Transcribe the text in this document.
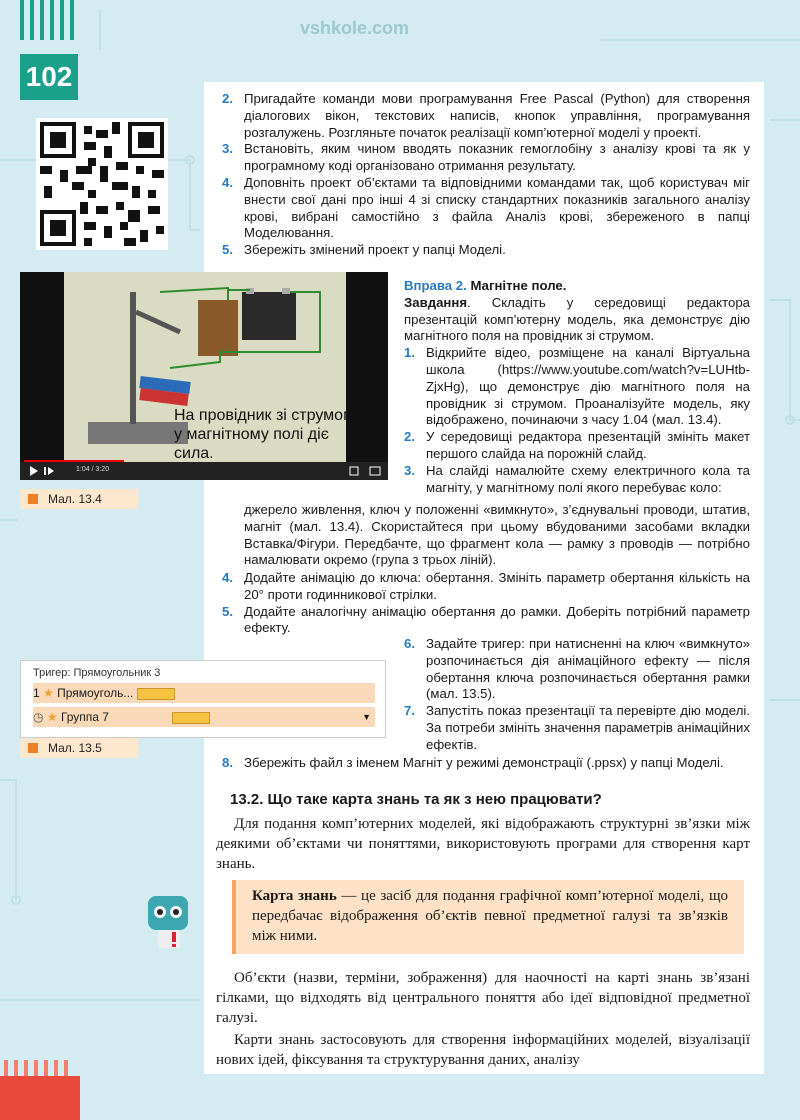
vshkole.com
102
2. Пригадайте команди мови програмування Free Pascal (Python) для створення діалогових вікон, текстових написів, кнопок управління, програмування розгалужень. Розгляньте початок реалізації комп’ютерної моделі у проекті.
3. Встановіть, яким чином вводять показник гемоглобіну з аналізу крові та як у програмному коді організовано отримання результату.
4. Доповніть проект об’єктами та відповідними командами так, щоб користувач міг внести свої дані про інші 4 зі списку стандартних показників загального аналізу крові, вибрані самостійно з файла Аналіз крові, збереженого в папці Моделювання.
5. Збережіть змінений проект у папці Моделі.
На провідник зі струмом
у магнітному полі діє
сила.
1:04 / 3:20
Мал. 13.4
Вправа 2. Магнітне поле.
Завдання. Складіть у середовищі редактора презентацій комп’ютерну модель, яка демонструє дію магнітного поля на провідник зі струмом.
1. Відкрийте відео, розміщене на каналі Віртуальна школа (https://www.youtube.com/watch?v=LUHtb-ZjxHg), що демонструє дію магнітного поля на провідник зі струмом. Проаналізуйте модель, яку відображено, починаючи з часу 1.04 (мал. 13.4).
2. У середовищі редактора презентацій змініть макет першого слайда на порожній слайд.
3. На слайді намалюйте схему електричного кола та магніту, у магнітному полі якого перебуває коло:
джерело живлення, ключ у положенні «вимкнуто», з’єднувальні проводи, штатив, магніт (мал. 13.4). Скористайтеся при цьому вбудованими засобами вкладки Вставка/Фігури. Передбачте, що фрагмент кола — рамку з проводів — потрібно намалювати окремо (група з трьох ліній).
4. Додайте анімацію до ключа: обертання. Змініть параметр обертання кількість на 20° проти годинникової стрілки.
5. Додайте аналогічну анімацію обертання до рамки. Доберіть потрібний параметр ефекту.
6. Задайте тригер: при натисненні на ключ «вимкнуто» розпочинається дія анімаційного ефекту — після обертання ключа розпочинається обертання рамки (мал. 13.5).
7. Запустіть показ презентації та перевірте дію моделі. За потреби змініть значення параметрів анімаційних ефектів.
8. Збережіть файл з іменем Магніт у режимі демонстрації (.ppsx) у папці Моделі.
Тригер: Прямоугольник 3
1 ★ Прямоуголь...
◷ ★ Группа 7	▼
Мал. 13.5
13.2. Що таке карта знань та як з нею працювати?
Для подання комп’ютерних моделей, які відображають структурні зв’язки між деякими об’єктами чи поняттями, використовують програми для створення карт знань.
Карта знань — це засіб для подання графічної комп’ютерної моделі, що передбачає відображення об’єктів певної предметної галузі та зв’язків між ними.
Об’єкти (назви, терміни, зображення) для наочності на карті знань зв’язані гілками, що відходять від центрального поняття або ідеї відповідної предметної галузі.
Карти знань застосовують для створення інформаційних моделей, візуалізації нових ідей, фіксування та структурування даних, аналізу
